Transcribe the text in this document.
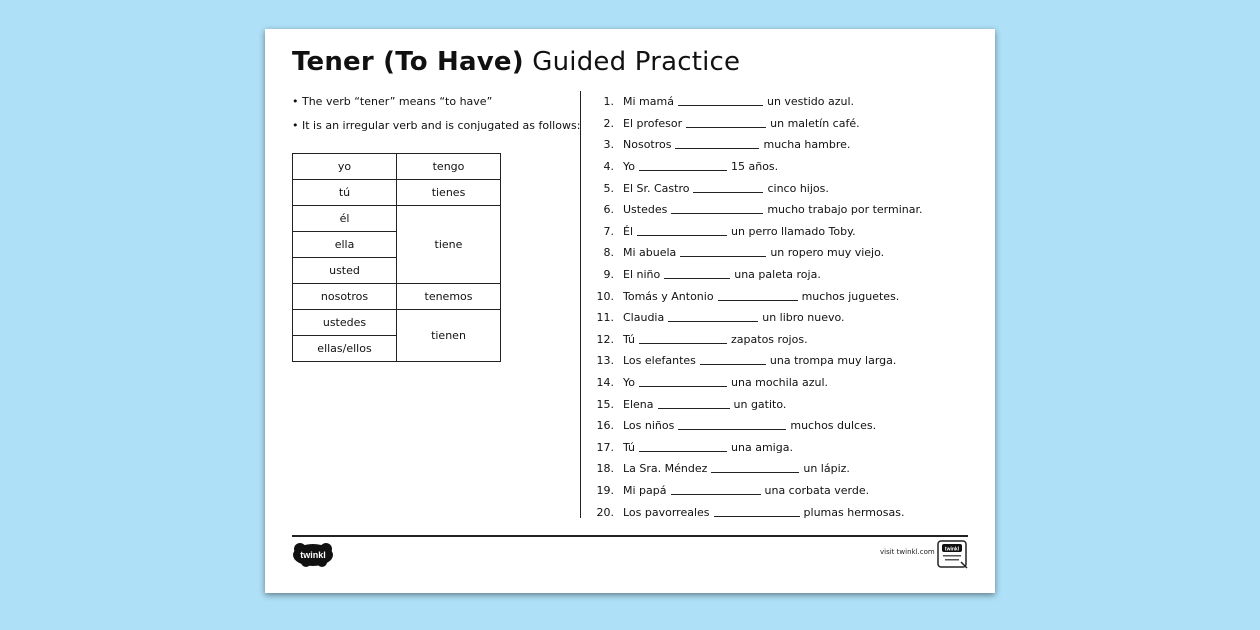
Tener (To Have) Guided Practice
• The verb “tener” means “to have”
• It is an irregular verb and is conjugated as follows:
yo	tengo
tú	tienes
él	tiene
ella	
usted	
nosotros	tenemos
ustedes	tienen
ellas/ellos	
1. Mi mamá	un vestido azul.
2. El profesor	un maletín café.
3. Nosotros	mucha hambre.
4. Yo	15 años.
5. El Sr. Castro	cinco hijos.
6. Ustedes	mucho trabajo por terminar.
7. Él	un perro llamado Toby.
8. Mi abuela	un ropero muy viejo.
9. El niño	una paleta roja.
10. Tomás y Antonio	muchos juguetes.
11. Claudia	un libro nuevo.
12. Tú	zapatos rojos.
13. Los elefantes	una trompa muy larga.
14. Yo	una mochila azul.
15. Elena	un gatito.
16. Los niños	muchos dulces.
17. Tú	una amiga.
18. La Sra. Méndez	un lápiz.
19. Mi papá	una corbata verde.
20. Los pavorreales	plumas hermosas.
twinkl	visit twinkl.com twinkl
